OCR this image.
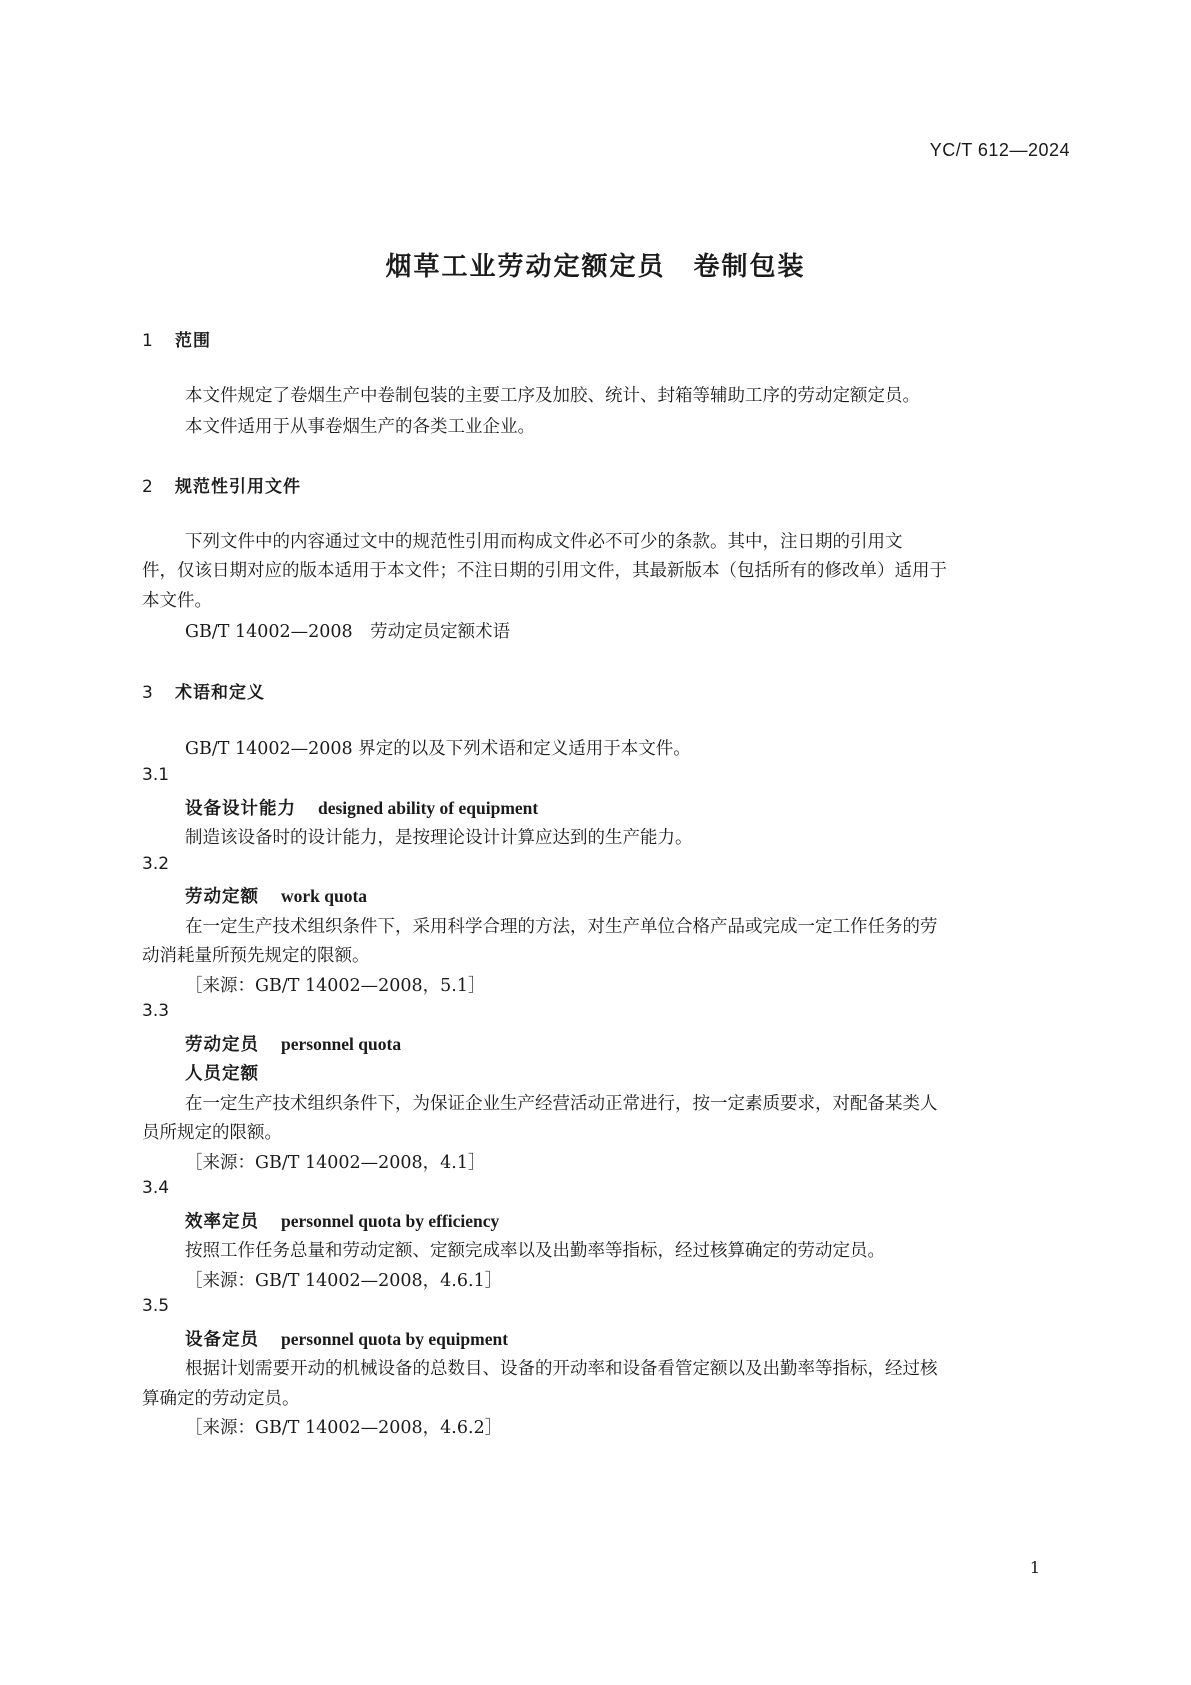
YC/T 612—2024
烟草工业劳动定额定员　卷制包装
1 范围
本文件规定了卷烟生产中卷制包装的主要工序及加胶、统计、封箱等辅助工序的劳动定额定员。
本文件适用于从事卷烟生产的各类工业企业。
2 规范性引用文件
下列文件中的内容通过文中的规范性引用而构成文件必不可少的条款。其中，注日期的引用文
件，仅该日期对应的版本适用于本文件；不注日期的引用文件，其最新版本（包括所有的修改单）适用于
本文件。
GB/T 14002—2008　劳动定员定额术语
3 术语和定义
GB/T 14002—2008 界定的以及下列术语和定义适用于本文件。
3.1
设备设计能力 designed ability of equipment
制造该设备时的设计能力，是按理论设计计算应达到的生产能力。
3.2
劳动定额 work quota
在一定生产技术组织条件下，采用科学合理的方法，对生产单位合格产品或完成一定工作任务的劳
动消耗量所预先规定的限额。
［来源：GB/T 14002—2008，5.1］
3.3
劳动定员 personnel quota
人员定额
在一定生产技术组织条件下，为保证企业生产经营活动正常进行，按一定素质要求，对配备某类人
员所规定的限额。
［来源：GB/T 14002—2008，4.1］
3.4
效率定员 personnel quota by efficiency
按照工作任务总量和劳动定额、定额完成率以及出勤率等指标，经过核算确定的劳动定员。
［来源：GB/T 14002—2008，4.6.1］
3.5
设备定员 personnel quota by equipment
根据计划需要开动的机械设备的总数目、设备的开动率和设备看管定额以及出勤率等指标，经过核
算确定的劳动定员。
［来源：GB/T 14002—2008，4.6.2］
1
